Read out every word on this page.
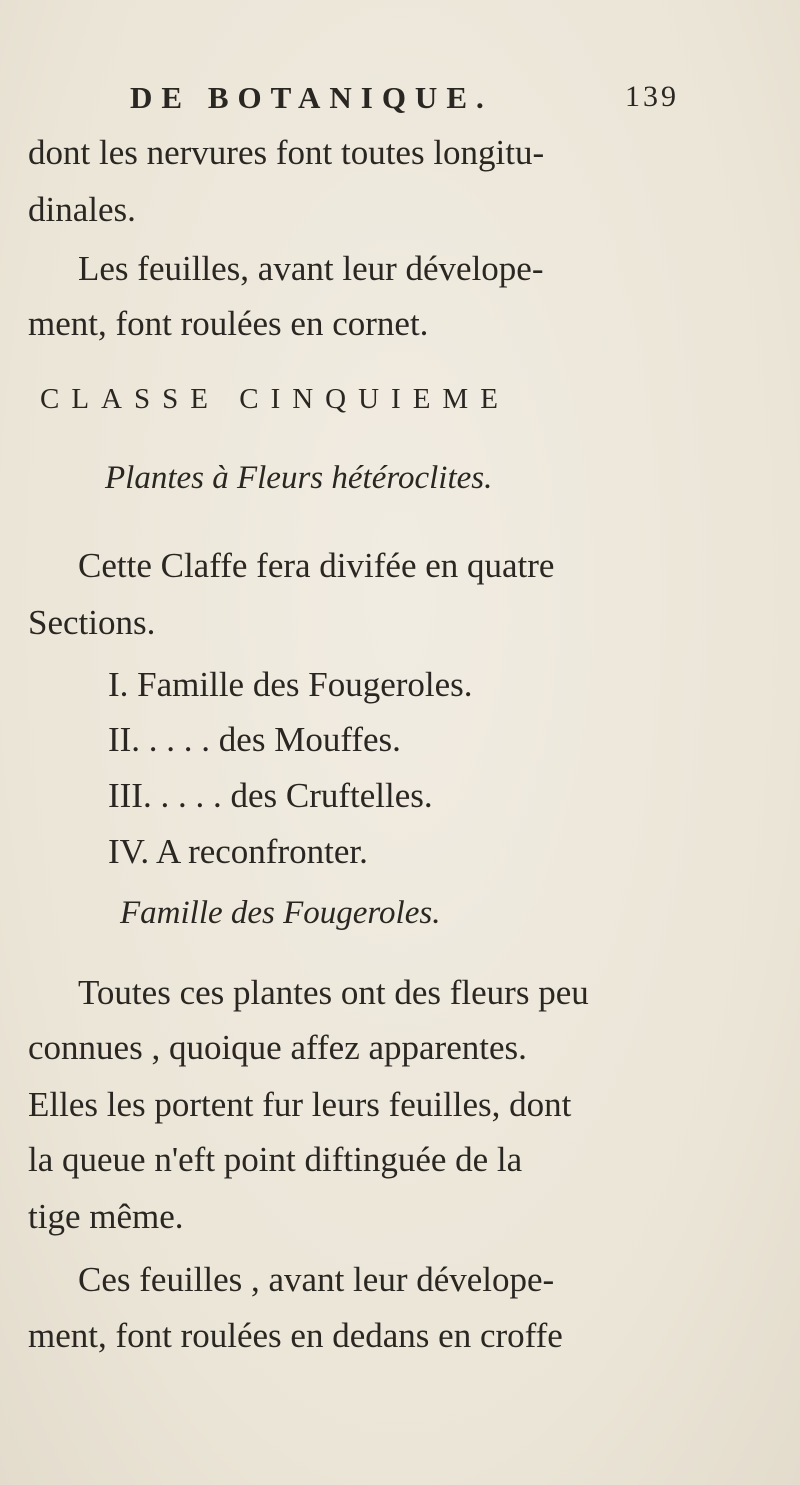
DE BOTANIQUE.	139
dont les nervures font toutes longitu-
dinales.
Les feuilles, avant leur dévelope-
ment, font roulées en cornet.
CLASSE CINQUIEME
Plantes à Fleurs hétéroclites.
Cette Claffe fera divifée en quatre
Sections.
I. Famille des Fougeroles.
II. . . . . des Mouffes.
III. . . . . des Cruftelles.
IV. A reconfronter.
Famille des Fougeroles.
Toutes ces plantes ont des fleurs peu
connues , quoique affez apparentes.
Elles les portent fur leurs feuilles, dont
la queue n'eft point diftinguée de la
tige même.
Ces feuilles , avant leur dévelope-
ment, font roulées en dedans en croffe
